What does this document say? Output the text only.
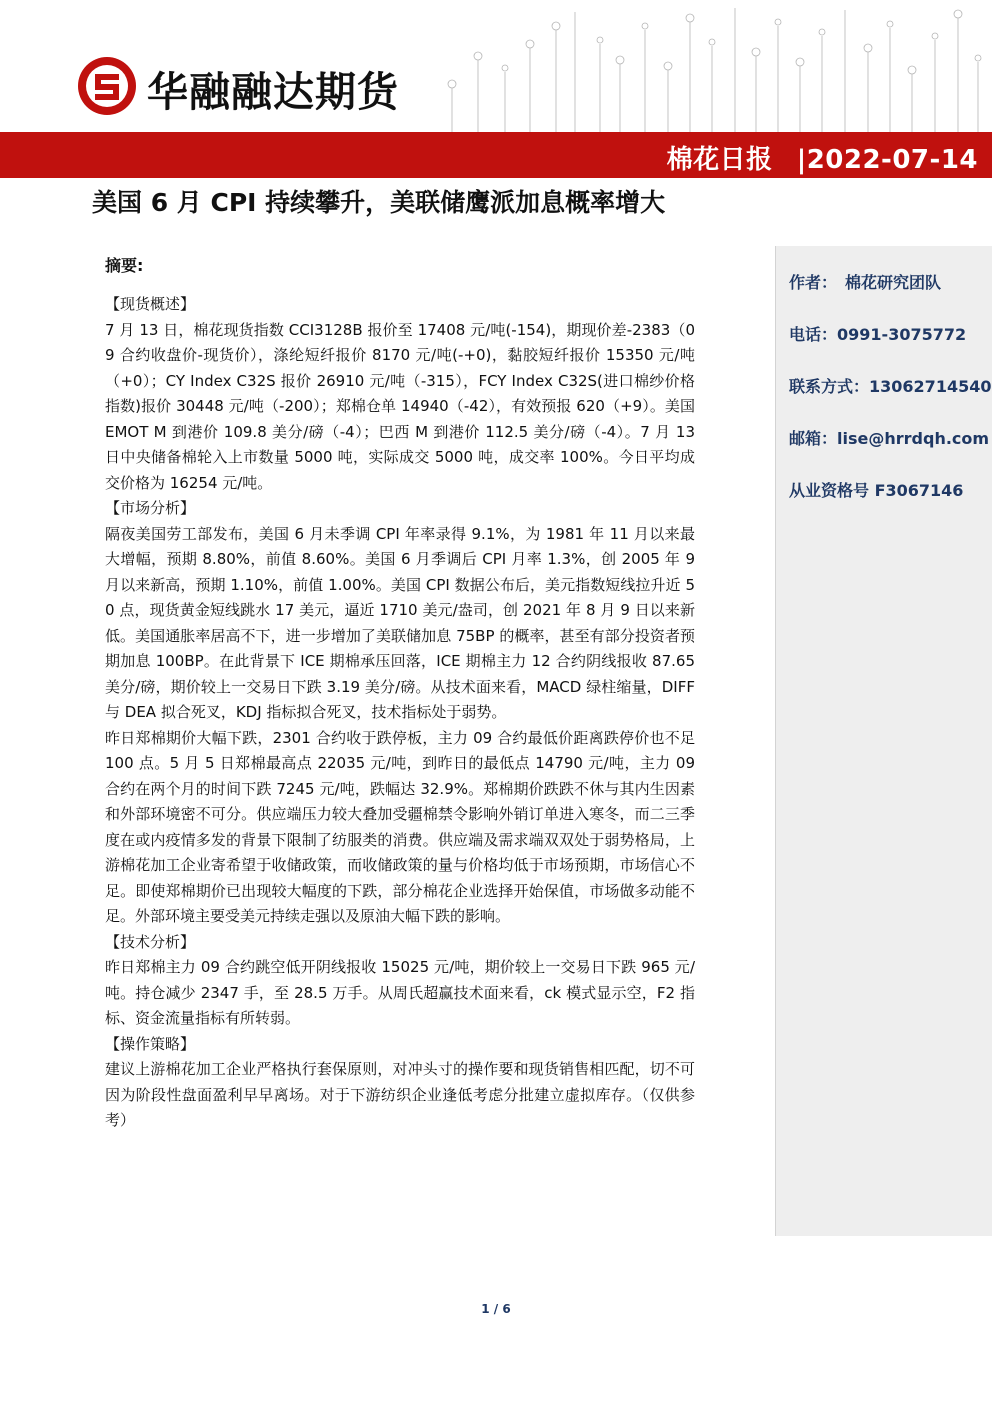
华融融达期货
棉花日报 |2022-07-14
美国 6 月 CPI 持续攀升，美联储鹰派加息概率增大
摘要:
【现货概述】

7 月 13 日，棉花现货指数 CCI3128B 报价至 17408 元/吨(-154)，期现价差-2383（09 合约收盘价-现货价），涤纶短纤报价 8170 元/吨(-+0)，黏胶短纤报价 15350 元/吨（+0）；CY Index C32S 报价 26910 元/吨（-315），FCY Index C32S(进口棉纱价格指数)报价 30448 元/吨（-200）；郑棉仓单 14940（-42），有效预报 620（+9）。美国 EMOT M 到港价 109.8 美分/磅（-4）；巴西 M 到港价 112.5 美分/磅（-4）。7 月 13 日中央储备棉轮入上市数量 5000 吨，实际成交 5000 吨，成交率 100%。今日平均成交价格为 16254 元/吨。

【市场分析】

隔夜美国劳工部发布，美国 6 月未季调 CPI 年率录得 9.1%，为 1981 年 11 月以来最大增幅，预期 8.80%，前值 8.60%。美国 6 月季调后 CPI 月率 1.3%，创 2005 年 9 月以来新高，预期 1.10%，前值 1.00%。美国 CPI 数据公布后，美元指数短线拉升近 50 点，现货黄金短线跳水 17 美元，逼近 1710 美元/盎司，创 2021 年 8 月 9 日以来新低。美国通胀率居高不下，进一步增加了美联储加息 75BP 的概率，甚至有部分投资者预期加息 100BP。在此背景下 ICE 期棉承压回落，ICE 期棉主力 12 合约阴线报收 87.65 美分/磅，期价较上一交易日下跌 3.19 美分/磅。从技术面来看，MACD 绿柱缩量，DIFF 与 DEA 拟合死叉，KDJ 指标拟合死叉，技术指标处于弱势。

昨日郑棉期价大幅下跌，2301 合约收于跌停板，主力 09 合约最低价距离跌停价也不足 100 点。5 月 5 日郑棉最高点 22035 元/吨，到昨日的最低点 14790 元/吨，主力 09 合约在两个月的时间下跌 7245 元/吨，跌幅达 32.9%。郑棉期价跌跌不休与其内生因素和外部环境密不可分。供应端压力较大叠加受疆棉禁令影响外销订单进入寒冬，而二三季度在或内疫情多发的背景下限制了纺服类的消费。供应端及需求端双双处于弱势格局，上游棉花加工企业寄希望于收储政策，而收储政策的量与价格均低于市场预期，市场信心不足。即使郑棉期价已出现较大幅度的下跌，部分棉花企业选择开始保值，市场做多动能不足。外部环境主要受美元持续走强以及原油大幅下跌的影响。

【技术分析】

昨日郑棉主力 09 合约跳空低开阴线报收 15025 元/吨，期价较上一交易日下跌 965 元/吨。持仓减少 2347 手，至 28.5 万手。从周氏超赢技术面来看，ck 模式显示空，F2 指标、资金流量指标有所转弱。

【操作策略】

建议上游棉花加工企业严格执行套保原则，对冲头寸的操作要和现货销售相匹配，切不可因为阶段性盘面盈利早早离场。对于下游纺织企业逢低考虑分批建立虚拟库存。（仅供参考）

作者： 棉花研究团队
电话：0991-3075772
联系方式：13062714540
邮箱：lise@hrrdqh.com
从业资格号 F3067146
1 / 6
